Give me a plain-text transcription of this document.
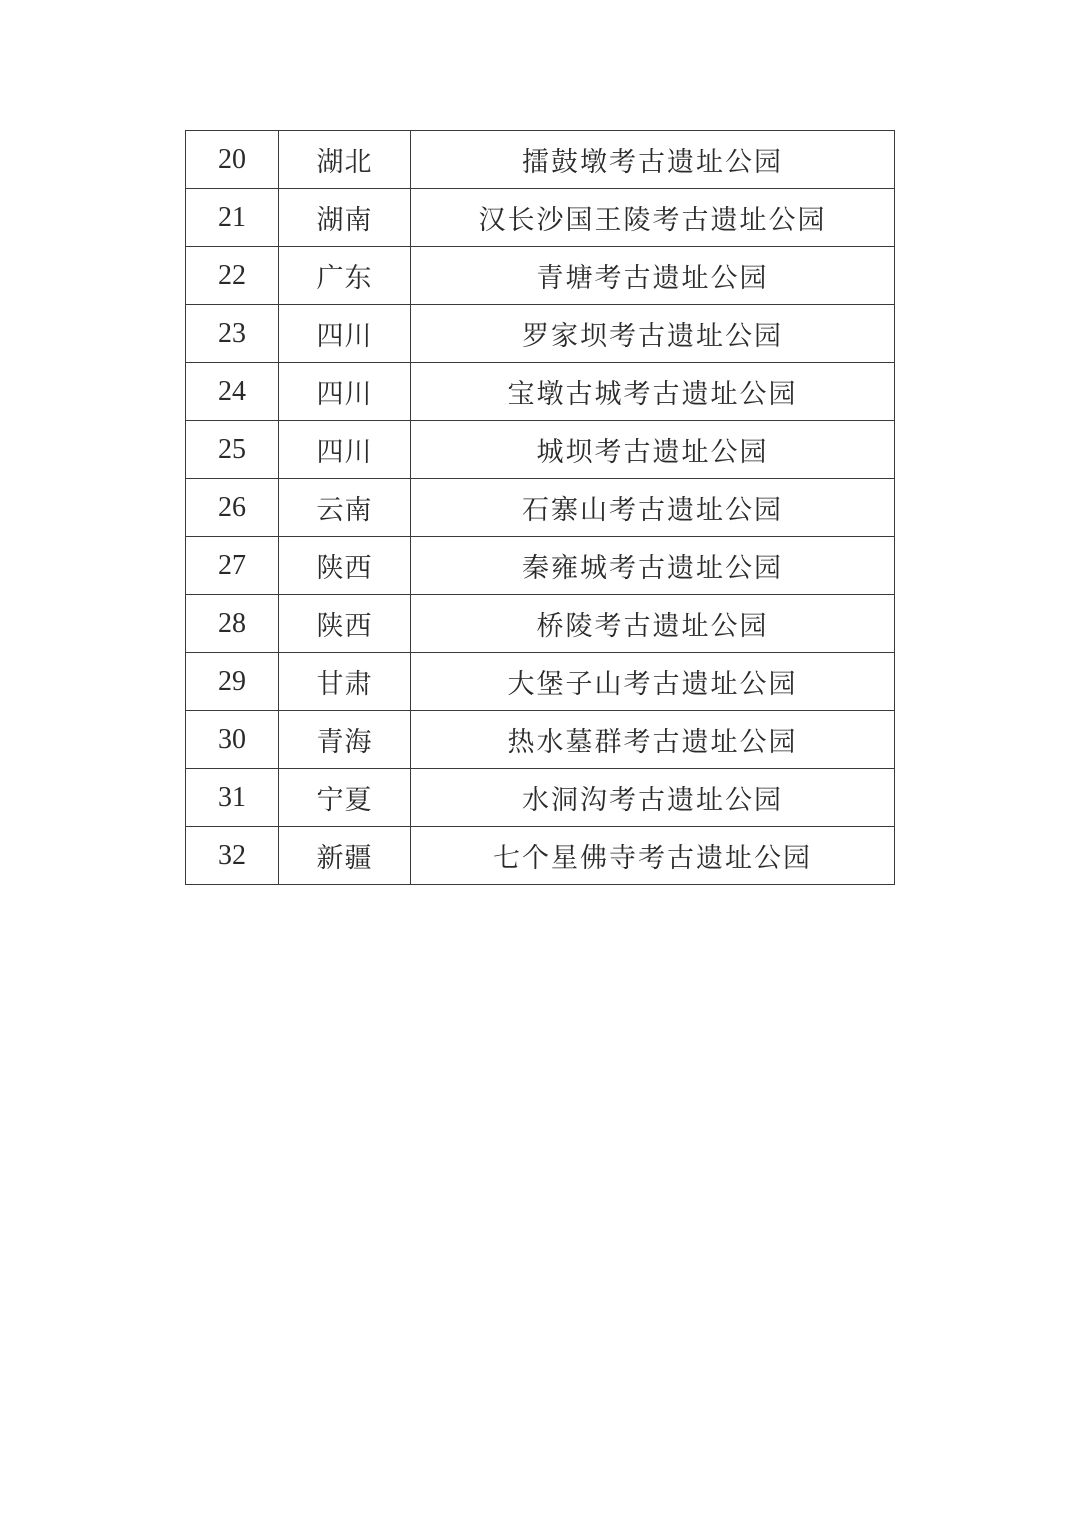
20	湖北	擂鼓墩考古遗址公园
21	湖南	汉长沙国王陵考古遗址公园
22	广东	青塘考古遗址公园
23	四川	罗家坝考古遗址公园
24	四川	宝墩古城考古遗址公园
25	四川	城坝考古遗址公园
26	云南	石寨山考古遗址公园
27	陕西	秦雍城考古遗址公园
28	陕西	桥陵考古遗址公园
29	甘肃	大堡子山考古遗址公园
30	青海	热水墓群考古遗址公园
31	宁夏	水洞沟考古遗址公园
32	新疆	七个星佛寺考古遗址公园
